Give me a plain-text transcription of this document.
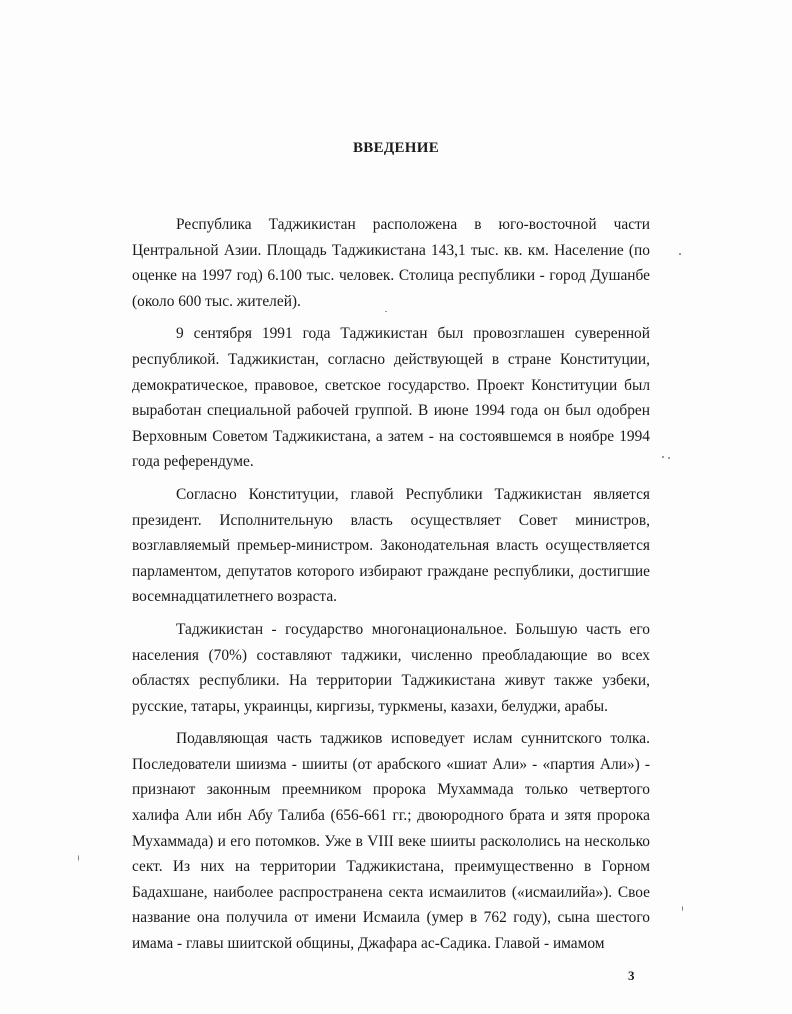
ВВЕДЕНИЕ

Республика Таджикистан расположена в юго-восточной части Центральной Азии. Площадь Таджикистана 143,1 тыс. кв. км. Население (по оценке на 1997 год) 6.100 тыс. человек. Столица республики - город Душанбе (около 600 тыс. жителей).

9 сентября 1991 года Таджикистан был провозглашен суверенной республикой. Таджикистан, согласно действующей в стране Конституции, демократическое, правовое, светское государство. Проект Конституции был выработан специальной рабочей группой. В июне 1994 года он был одобрен Верховным Советом Таджикистана, а затем - на состоявшемся в ноябре 1994 года референдуме.

Согласно Конституции, главой Республики Таджикистан является президент. Исполнительную власть осуществляет Совет министров, возглавляемый премьер-министром. Законодательная власть осуществляется парламентом, депутатов которого избирают граждане республики, достигшие восемнадцатилетнего возраста.

Таджикистан - государство многонациональное. Большую часть его населения (70%) составляют таджики, численно преобладающие во всех областях республики. На территории Таджикистана живут также узбеки, русские, татары, украинцы, киргизы, туркмены, казахи, белуджи, арабы.

Подавляющая часть таджиков исповедует ислам суннитского толка. Последователи шиизма - шииты (от арабского «шиат Али» - «партия Али») - признают законным преемником пророка Мухаммада только четвертого халифа Али ибн Абу Талиба (656-661 гг.; двоюродного брата и зятя пророка Мухаммада) и его потомков. Уже в VIII веке шииты раскололись на несколько сект. Из них на территории Таджикистана, преимущественно в Горном Бадахшане, наиболее распространена секта исмаилитов («исмаилийа»). Свое название она получила от имени Исмаила (умер в 762 году), сына шестого имама - главы шиитской общины, Джафара ас-Садика. Главой - имамом

3
